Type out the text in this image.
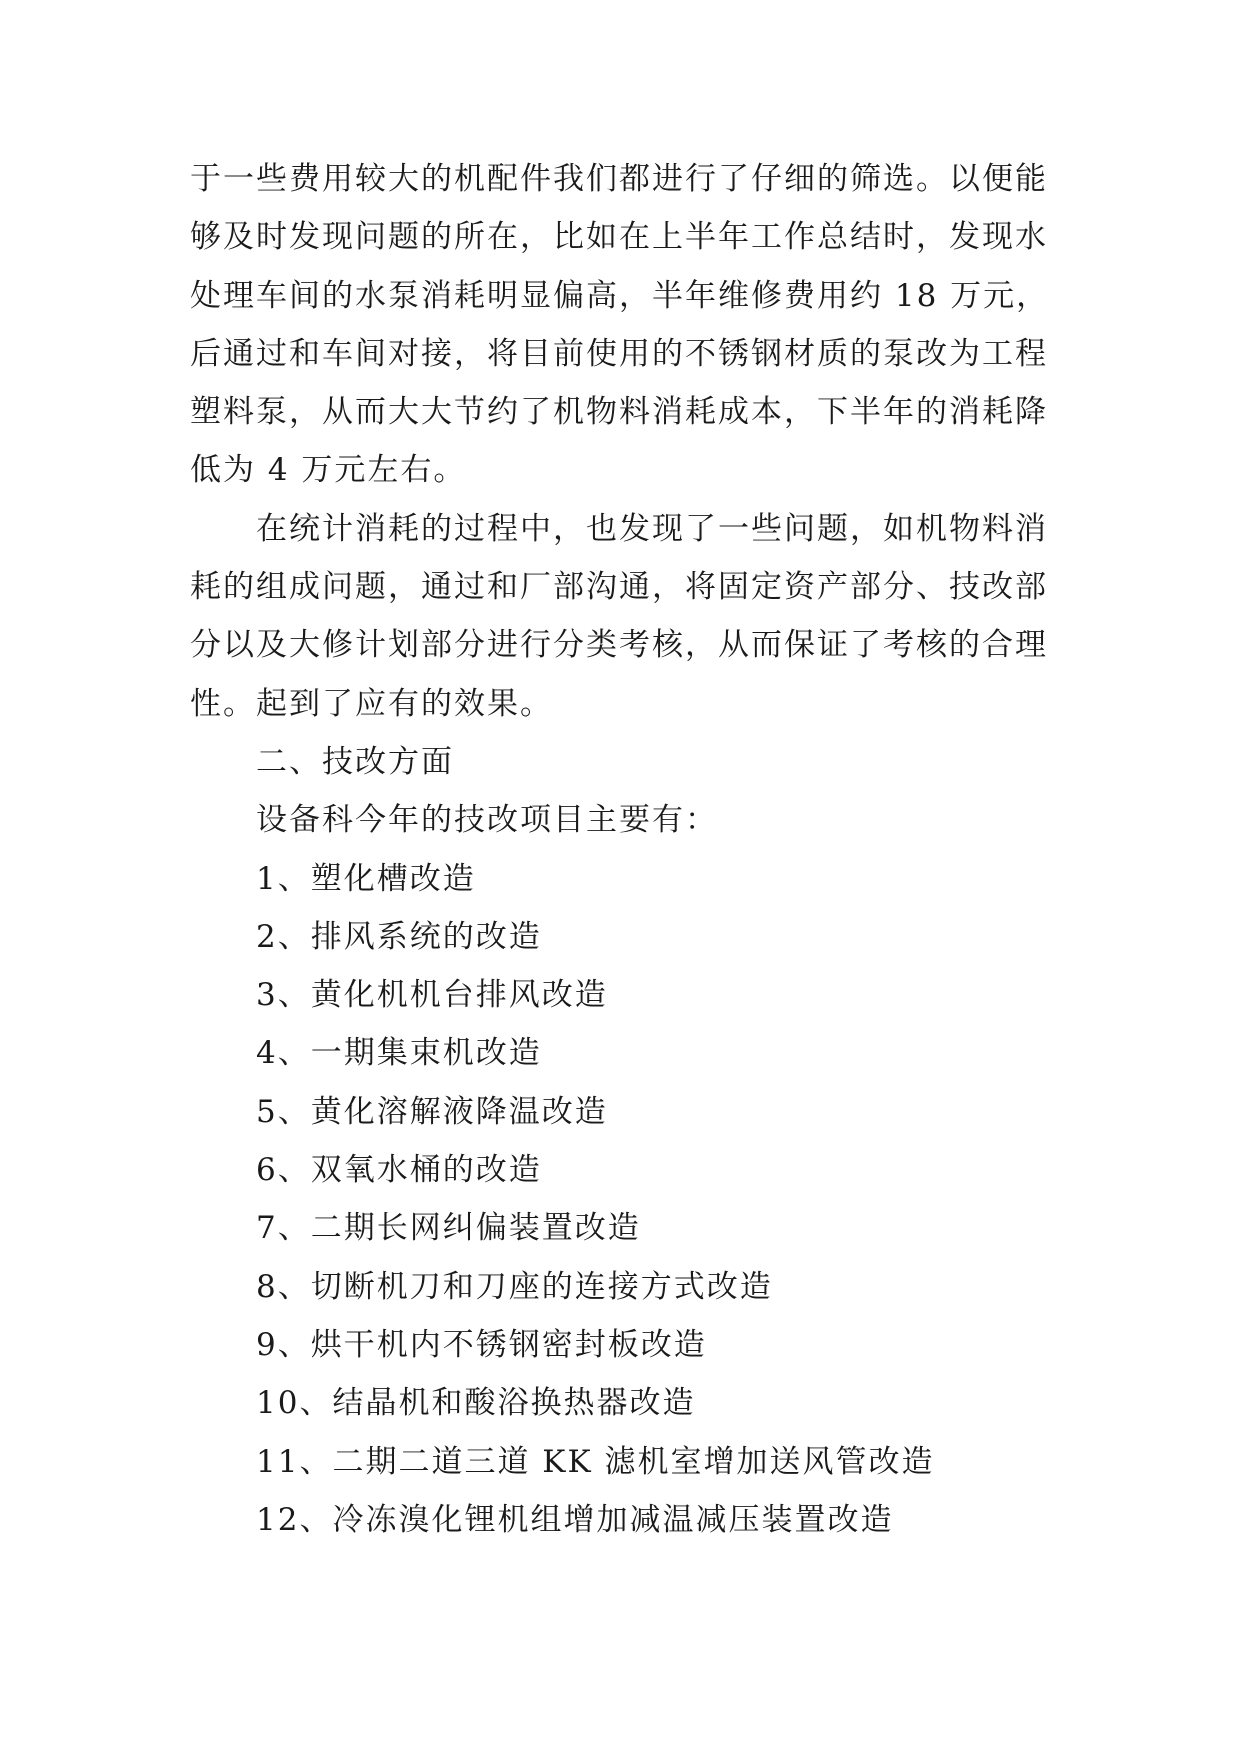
于一些费用较大的机配件我们都进行了仔细的筛选。以便能
够及时发现问题的所在，比如在上半年工作总结时，发现水
处理车间的水泵消耗明显偏高，半年维修费用约 18 万元，
后通过和车间对接，将目前使用的不锈钢材质的泵改为工程
塑料泵，从而大大节约了机物料消耗成本，下半年的消耗降
低为 4 万元左右。
在统计消耗的过程中，也发现了一些问题，如机物料消
耗的组成问题，通过和厂部沟通，将固定资产部分、技改部
分以及大修计划部分进行分类考核，从而保证了考核的合理
性。起到了应有的效果。
二、技改方面
设备科今年的技改项目主要有：
1、塑化槽改造
2、排风系统的改造
3、黄化机机台排风改造
4、一期集束机改造
5、黄化溶解液降温改造
6、双氧水桶的改造
7、二期长网纠偏装置改造
8、切断机刀和刀座的连接方式改造
9、烘干机内不锈钢密封板改造
10、结晶机和酸浴换热器改造
11、二期二道三道 KK 滤机室增加送风管改造
12、冷冻溴化锂机组增加减温减压装置改造
